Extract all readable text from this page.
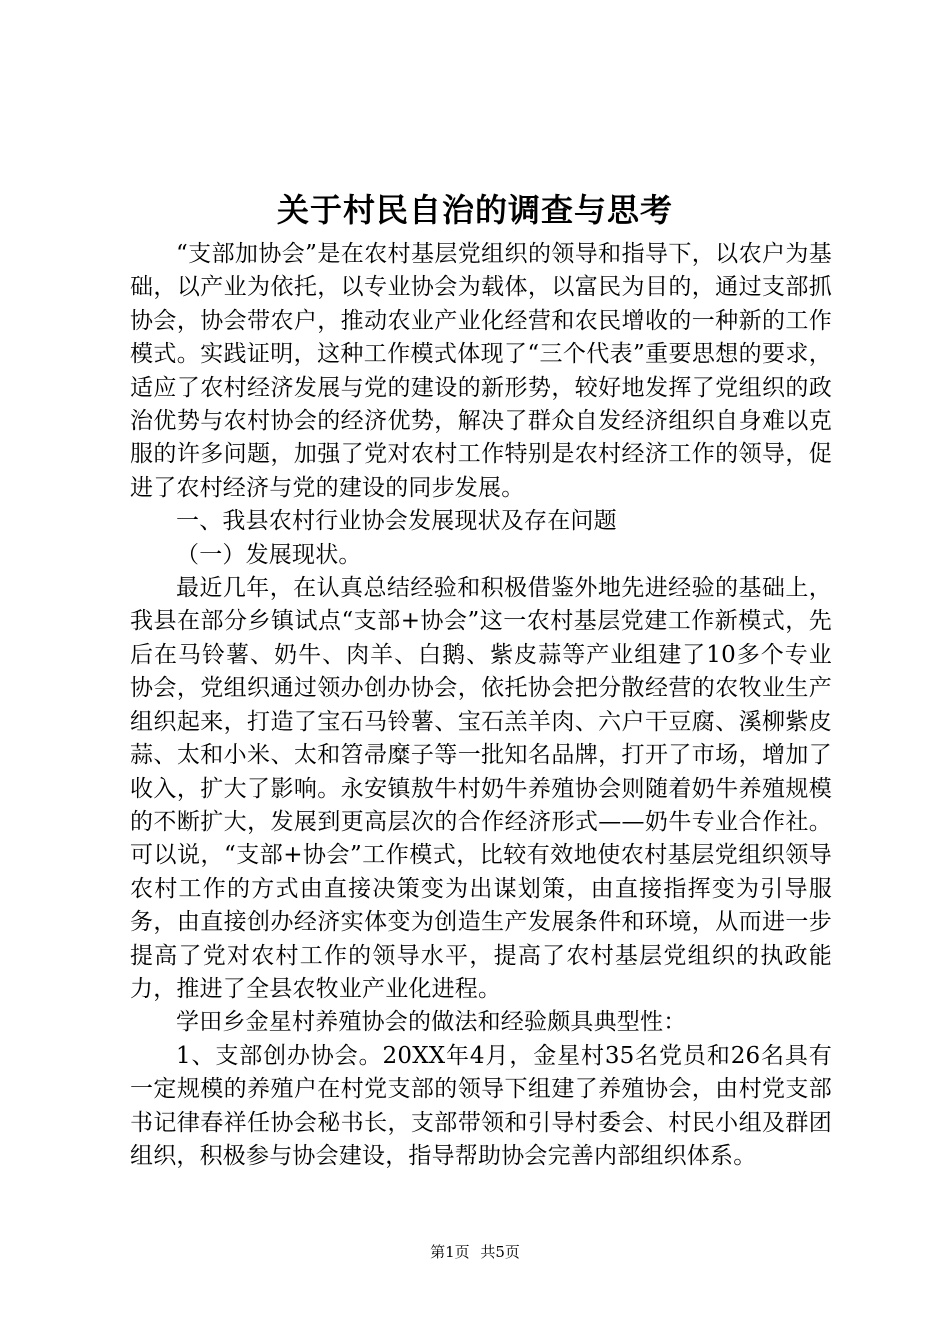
关于村民自治的调查与思考

“支部加协会”是在农村基层党组织的领导和指导下，以农户为基础，以产业为依托，以专业协会为载体，以富民为目的，通过支部抓协会，协会带农户，推动农业产业化经营和农民增收的一种新的工作模式。实践证明，这种工作模式体现了“三个代表”重要思想的要求，适应了农村经济发展与党的建设的新形势，较好地发挥了党组织的政治优势与农村协会的经济优势，解决了群众自发经济组织自身难以克服的许多问题，加强了党对农村工作特别是农村经济工作的领导，促进了农村经济与党的建设的同步发展。

一、我县农村行业协会发展现状及存在问题

（一）发展现状。

最近几年，在认真总结经验和积极借鉴外地先进经验的基础上，我县在部分乡镇试点“支部+协会”这一农村基层党建工作新模式，先后在马铃薯、奶牛、肉羊、白鹅、紫皮蒜等产业组建了10多个专业协会，党组织通过领办创办协会，依托协会把分散经营的农牧业生产组织起来，打造了宝石马铃薯、宝石羔羊肉、六户干豆腐、溪柳紫皮蒜、太和小米、太和笤帚糜子等一批知名品牌，打开了市场，增加了收入，扩大了影响。永安镇敖牛村奶牛养殖协会则随着奶牛养殖规模的不断扩大，发展到更高层次的合作经济形式——奶牛专业合作社。可以说，“支部+协会”工作模式，比较有效地使农村基层党组织领导农村工作的方式由直接决策变为出谋划策，由直接指挥变为引导服务，由直接创办经济实体变为创造生产发展条件和环境，从而进一步提高了党对农村工作的领导水平，提高了农村基层党组织的执政能力，推进了全县农牧业产业化进程。

学田乡金星村养殖协会的做法和经验颇具典型性：

1、支部创办协会。20XX年4月，金星村35名党员和26名具有一定规模的养殖户在村党支部的领导下组建了养殖协会，由村党支部书记律春祥任协会秘书长，支部带领和引导村委会、村民小组及群团组织，积极参与协会建设，指导帮助协会完善内部组织体系。

第1页 共5页
